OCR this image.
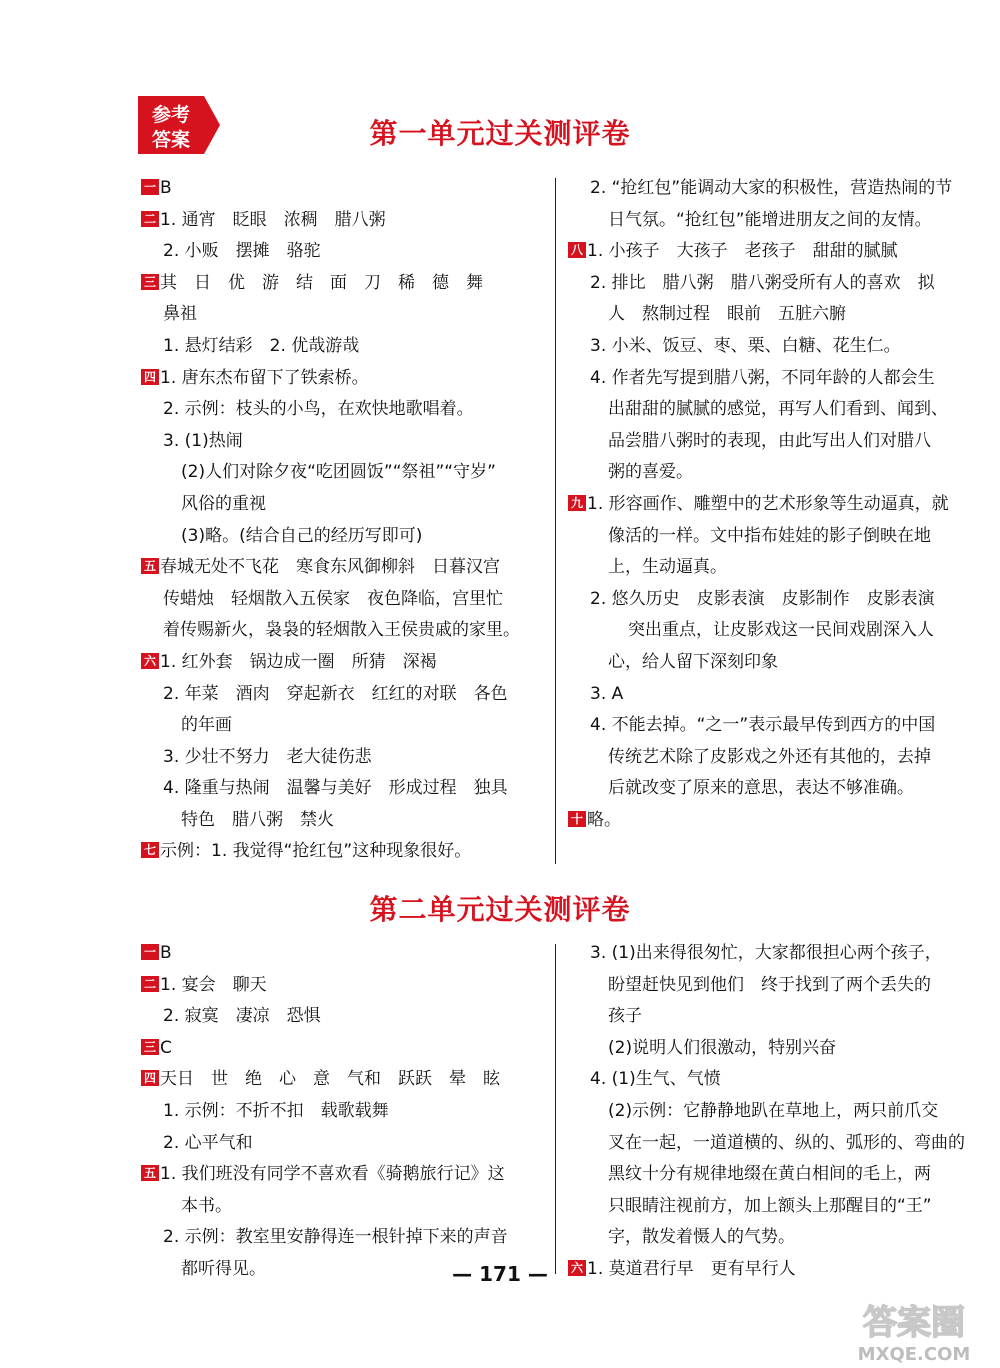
参考
答案	第一单元过关测评卷
一 B
二 1. 通宵　眨眼　浓稠　腊八粥
2. 小贩　摆摊　骆驼
三 其　日　优　游　结　面　刀　稀　德　舞
鼻祖
1. 悬灯结彩　2. 优哉游哉
四 1. 唐东杰布留下了铁索桥。
2. 示例：枝头的小鸟，在欢快地歌唱着。
3. (1)热闹
(2)人们对除夕夜“吃团圆饭”“祭祖”“守岁”
风俗的重视
(3)略。(结合自己的经历写即可)
五 春城无处不飞花　寒食东风御柳斜　日暮汉宫
传蜡烛　轻烟散入五侯家　夜色降临，宫里忙
着传赐新火，袅袅的轻烟散入王侯贵戚的家里。
六 1. 红外套　锅边成一圈　所猜　深褐
2. 年菜　酒肉　穿起新衣　红红的对联　各色
的年画
3. 少壮不努力　老大徒伤悲
4. 隆重与热闹　温馨与美好　形成过程　独具
特色　腊八粥　禁火
七 示例：1. 我觉得“抢红包”这种现象很好。
2. “抢红包”能调动大家的积极性，营造热闹的节
日气氛。“抢红包”能增进朋友之间的友情。
八 1. 小孩子　大孩子　老孩子　甜甜的腻腻
2. 排比　腊八粥　腊八粥受所有人的喜欢　拟
人　熬制过程　眼前　五脏六腑
3. 小米、饭豆、枣、栗、白糖、花生仁。
4. 作者先写提到腊八粥，不同年龄的人都会生
出甜甜的腻腻的感觉，再写人们看到、闻到、
品尝腊八粥时的表现，由此写出人们对腊八
粥的喜爱。
九 1. 形容画作、雕塑中的艺术形象等生动逼真，就
像活的一样。文中指布娃娃的影子倒映在地
上，生动逼真。
2. 悠久历史　皮影表演　皮影制作　皮影表演
突出重点，让皮影戏这一民间戏剧深入人
心，给人留下深刻印象
3. A
4. 不能去掉。“之一”表示最早传到西方的中国
传统艺术除了皮影戏之外还有其他的，去掉
后就改变了原来的意思，表达不够准确。
十 略。
第二单元过关测评卷
一 B
二 1. 宴会　聊天
2. 寂寞　凄凉　恐惧
三 C
四 天日　世　绝　心　意　气和　跃跃　晕　眩
1. 示例：不折不扣　载歌载舞
2. 心平气和
五 1. 我们班没有同学不喜欢看《骑鹅旅行记》这
本书。
2. 示例：教室里安静得连一根针掉下来的声音
都听得见。
3. (1)出来得很匆忙，大家都很担心两个孩子，
盼望赶快见到他们　终于找到了两个丢失的
孩子
(2)说明人们很激动，特别兴奋
4. (1)生气、气愤
(2)示例：它静静地趴在草地上，两只前爪交
叉在一起，一道道横的、纵的、弧形的、弯曲的
黑纹十分有规律地缀在黄白相间的毛上，两
只眼睛注视前方，加上额头上那醒目的“王”
字，散发着慑人的气势。
六 1. 莫道君行早　更有早行人
— 171 —
答案圈
MXQE.COM
